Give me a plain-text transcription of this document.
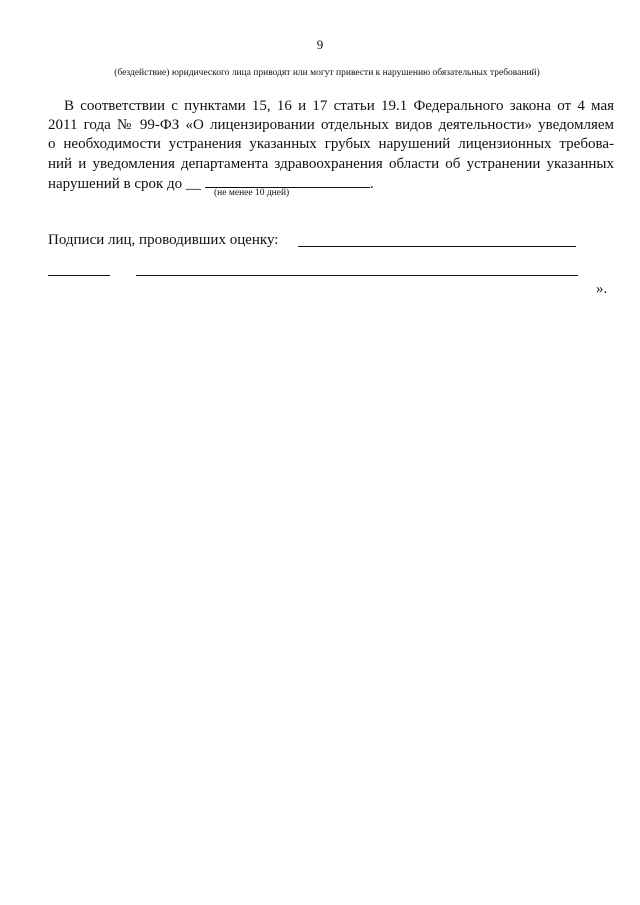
9
(бездействие) юридического лица приводят или могут привести к нарушению обязательных требований)
В соответствии с пунктами 15, 16 и 17 статьи 19.1 Федерального закона от 4 мая
2011 года № 99-ФЗ «О лицензировании отдельных видов деятельности» уведомляем
о необходимости устранения указанных грубых нарушений лицензионных требова-
ний и уведомления департамента здравоохранения области об устранении указанных
нарушений в срок до __	.
(не менее 10 дней)
Подписи лиц, проводивших оценку:
».
